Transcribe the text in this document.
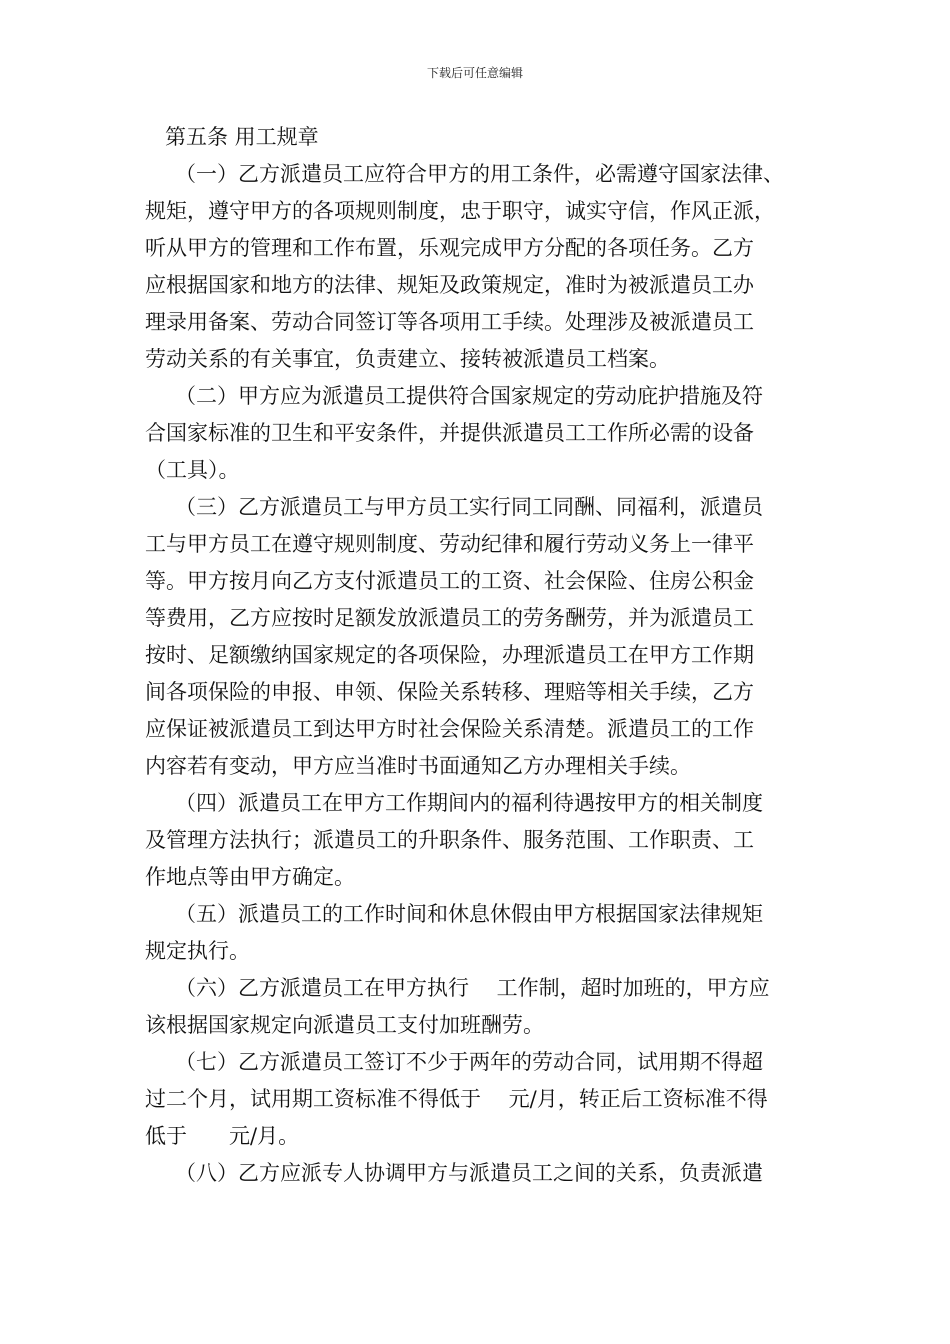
下载后可任意编辑
第五条 用工规章

（一）乙方派遣员工应符合甲方的用工条件，必需遵守国家法律、
规矩，遵守甲方的各项规则制度，忠于职守，诚实守信，作风正派，
听从甲方的管理和工作布置，乐观完成甲方分配的各项任务。乙方
应根据国家和地方的法律、规矩及政策规定，准时为被派遣员工办
理录用备案、劳动合同签订等各项用工手续。处理涉及被派遣员工
劳动关系的有关事宜，负责建立、接转被派遣员工档案。

（二）甲方应为派遣员工提供符合国家规定的劳动庇护措施及符
合国家标准的卫生和平安条件，并提供派遣员工工作所必需的设备
（工具）。

（三）乙方派遣员工与甲方员工实行同工同酬、同福利，派遣员
工与甲方员工在遵守规则制度、劳动纪律和履行劳动义务上一律平
等。甲方按月向乙方支付派遣员工的工资、社会保险、住房公积金
等费用，乙方应按时足额发放派遣员工的劳务酬劳，并为派遣员工
按时、足额缴纳国家规定的各项保险，办理派遣员工在甲方工作期
间各项保险的申报、申领、保险关系转移、理赔等相关手续，乙方
应保证被派遣员工到达甲方时社会保险关系清楚。派遣员工的工作
内容若有变动，甲方应当准时书面通知乙方办理相关手续。

（四）派遣员工在甲方工作期间内的福利待遇按甲方的相关制度
及管理方法执行；派遣员工的升职条件、服务范围、工作职责、工
作地点等由甲方确定。

（五）派遣员工的工作时间和休息休假由甲方根据国家法律规矩
规定执行。

（六）乙方派遣员工在甲方执行　 工作制，超时加班的，甲方应
该根据国家规定向派遣员工支付加班酬劳。

（七）乙方派遣员工签订不少于两年的劳动合同，试用期不得超
过二个月，试用期工资标准不得低于　 元/月，转正后工资标准不得
低于　　元/月。

（八）乙方应派专人协调甲方与派遣员工之间的关系，负责派遣
